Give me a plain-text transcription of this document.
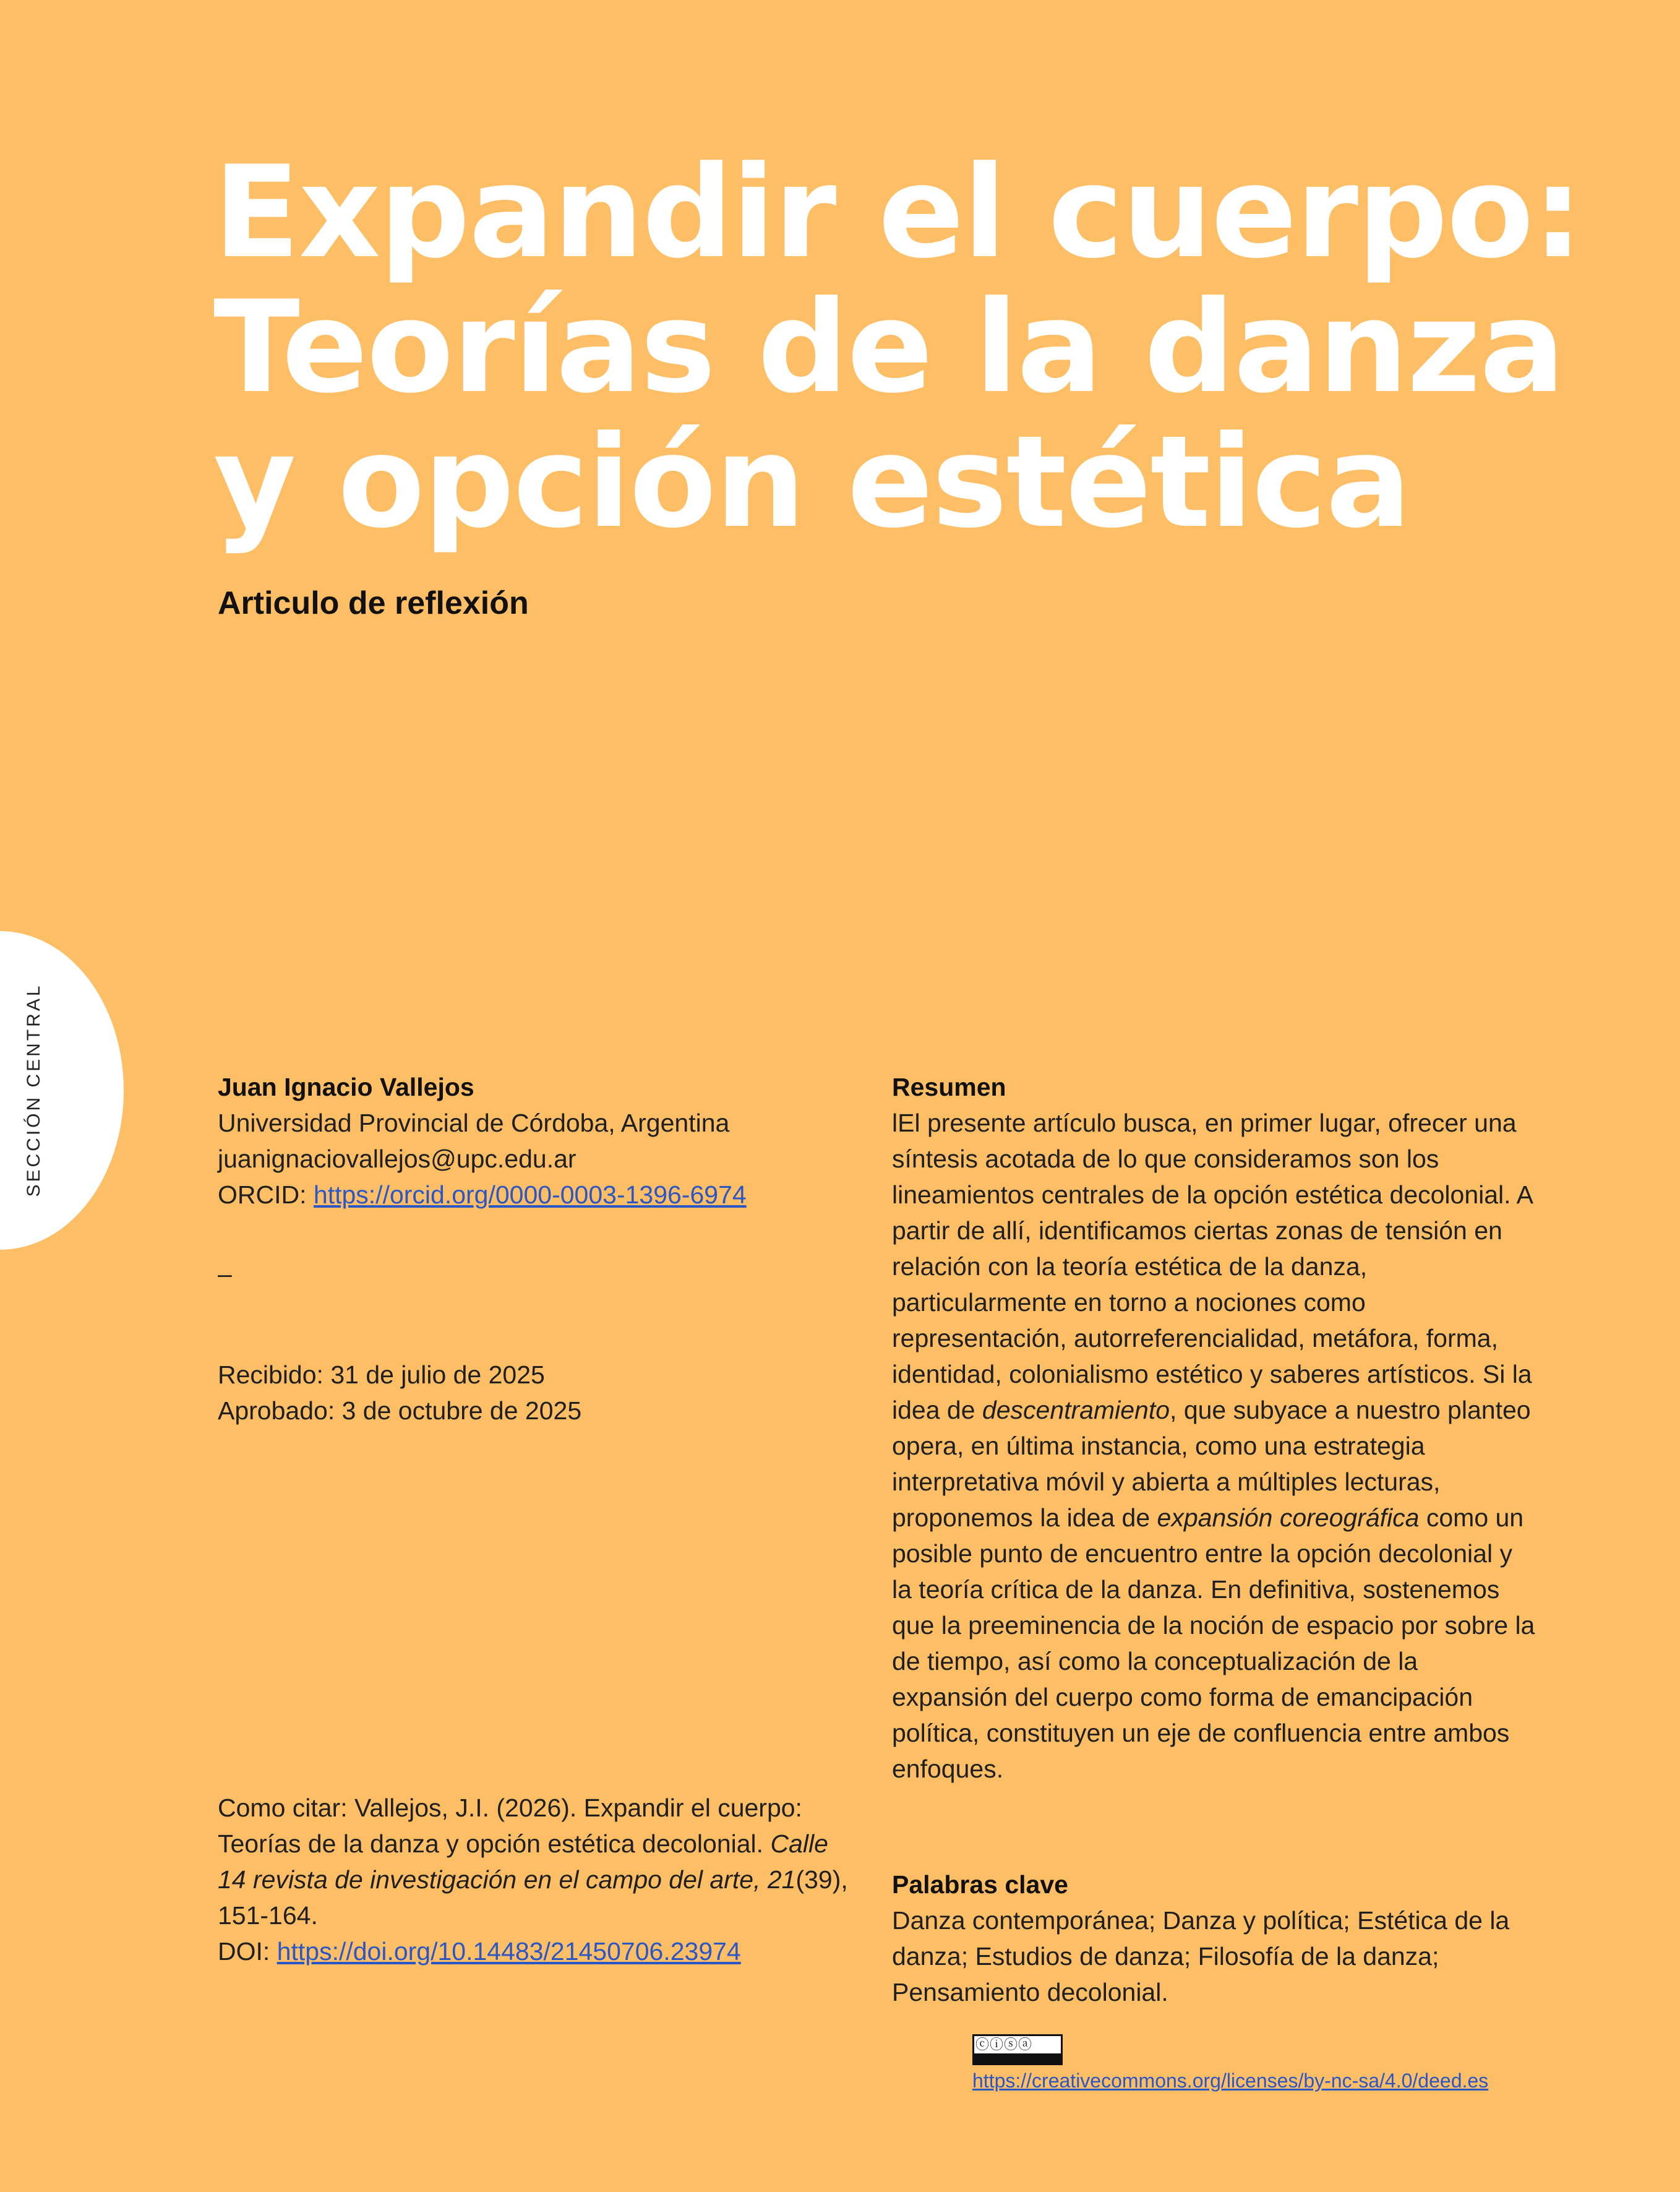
Expandir el cuerpo:
Teorías de la danza
y opción estética
Articulo de reflexión
SECCIÓN CENTRAL	Juan Ignacio Vallejos
Universidad Provincial de Córdoba, Argentina
juanignaciovallejos@upc.edu.ar
ORCID: https://orcid.org/0000-0003-1396-6974
–
Recibido: 31 de julio de 2025
Aprobado: 3 de octubre de 2025
Como citar: Vallejos, J.I. (2026). Expandir el cuerpo: Teorías de la danza y opción estética decolonial. Calle 14 revista de investigación en el campo del arte, 21(39), 151-164.
DOI: https://doi.org/10.14483/21450706.23974
Resumen

lEl presente artículo busca, en primer lugar, ofrecer una síntesis acotada de lo que consideramos son los lineamientos centrales de la opción estética decolonial. A partir de allí, identificamos ciertas zonas de tensión en relación con la teoría estética de la danza, particularmente en torno a nociones como representación, autorreferencialidad, metáfora, forma, identidad, colonialismo estético y saberes artísticos. Si la idea de descentramiento, que subyace a nuestro planteo opera, en última instancia, como una estrategia interpretativa móvil y abierta a múltiples lecturas, proponemos la idea de expansión coreográfica como un posible punto de encuentro entre la opción decolonial y la teoría crítica de la danza. En definitiva, sostenemos que la preeminencia de la noción de espacio por sobre la de tiempo, así como la conceptualización de la expansión del cuerpo como forma de emancipación política, constituyen un eje de confluencia entre ambos enfoques.

Palabras clave
Danza contemporánea; Danza y política; Estética de la danza; Estudios de danza; Filosofía de la danza; Pensamiento decolonial.
ⓒⓘⓢⓐ
https://creativecommons.org/licenses/by-nc-sa/4.0/deed.es
